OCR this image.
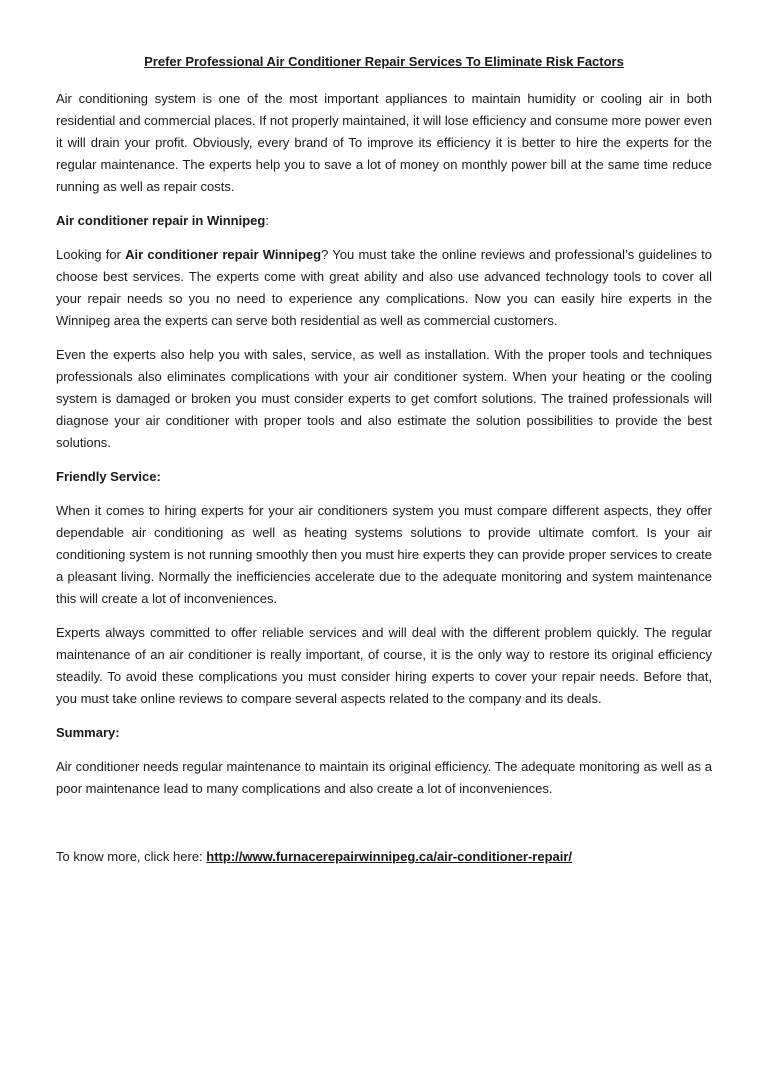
Prefer Professional Air Conditioner Repair Services To Eliminate Risk Factors

Air conditioning system is one of the most important appliances to maintain humidity or cooling air in both residential and commercial places. If not properly maintained, it will lose efficiency and consume more power even it will drain your profit. Obviously, every brand of To improve its efficiency it is better to hire the experts for the regular maintenance. The experts help you to save a lot of money on monthly power bill at the same time reduce running as well as repair costs.

Air conditioner repair in Winnipeg:

Looking for Air conditioner repair Winnipeg? You must take the online reviews and professional’s guidelines to choose best services. The experts come with great ability and also use advanced technology tools to cover all your repair needs so you no need to experience any complications. Now you can easily hire experts in the Winnipeg area the experts can serve both residential as well as commercial customers.

Even the experts also help you with sales, service, as well as installation. With the proper tools and techniques professionals also eliminates complications with your air conditioner system. When your heating or the cooling system is damaged or broken you must consider experts to get comfort solutions. The trained professionals will diagnose your air conditioner with proper tools and also estimate the solution possibilities to provide the best solutions.

Friendly Service:

When it comes to hiring experts for your air conditioners system you must compare different aspects, they offer dependable air conditioning as well as heating systems solutions to provide ultimate comfort. Is your air conditioning system is not running smoothly then you must hire experts they can provide proper services to create a pleasant living. Normally the inefficiencies accelerate due to the adequate monitoring and system maintenance this will create a lot of inconveniences.

Experts always committed to offer reliable services and will deal with the different problem quickly. The regular maintenance of an air conditioner is really important, of course, it is the only way to restore its original efficiency steadily. To avoid these complications you must consider hiring experts to cover your repair needs. Before that, you must take online reviews to compare several aspects related to the company and its deals.

Summary:

Air conditioner needs regular maintenance to maintain its original efficiency. The adequate monitoring as well as a poor maintenance lead to many complications and also create a lot of inconveniences.

To know more, click here: http://www.furnacerepairwinnipeg.ca/air-conditioner-repair/
